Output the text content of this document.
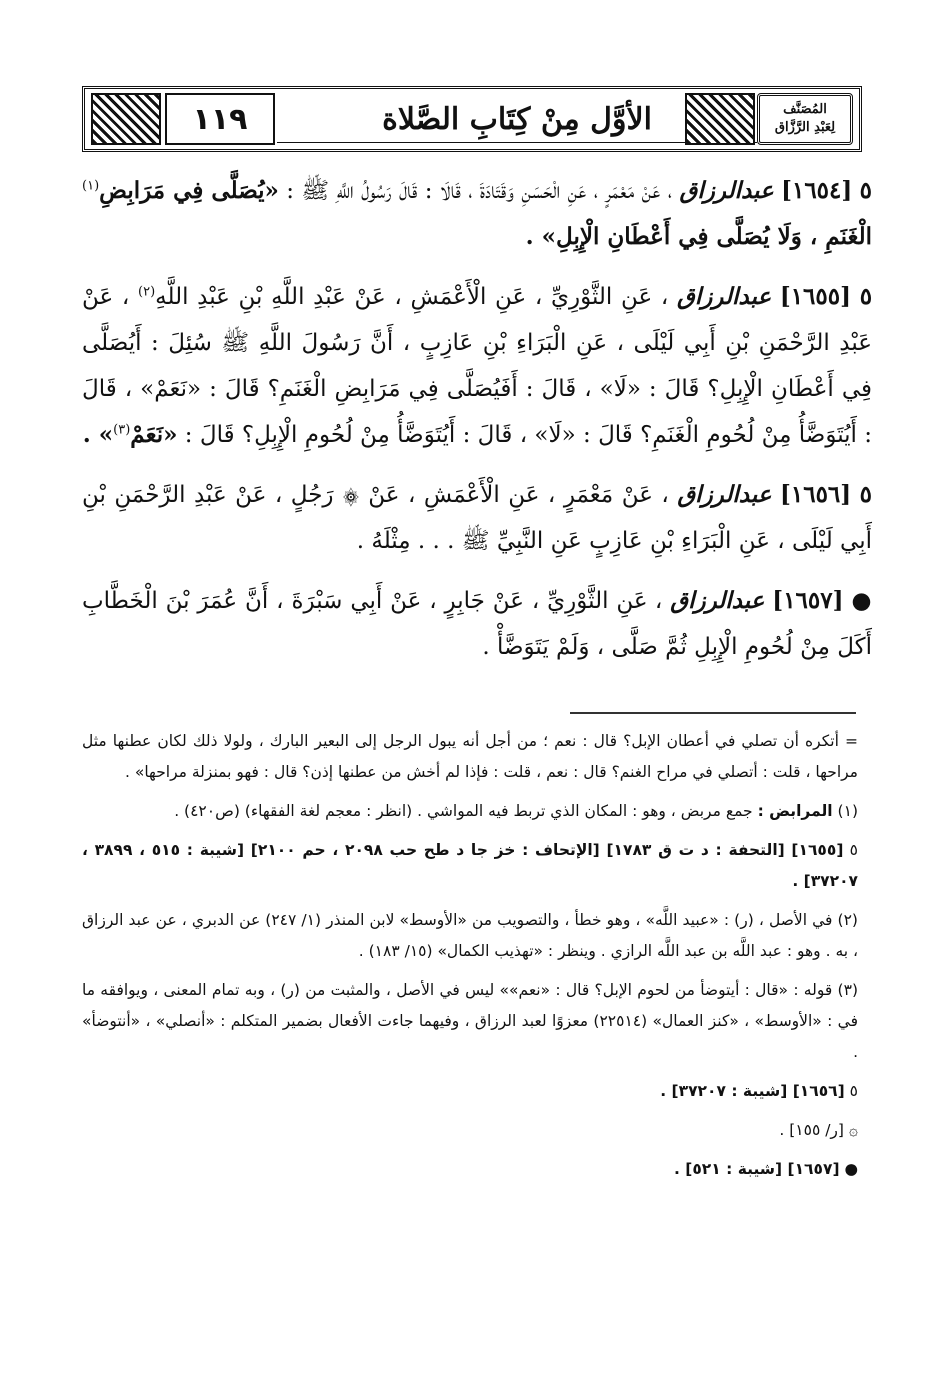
١١٩	الأوَّل مِنْ كِتَابِ الصَّلاة	المُصَنَّف
لِعَبْدِ الرَّزَّاق

٥ [١٦٥٤] عبدالرزاق ، عَنْ مَعْمَرٍ ، عَنِ الْحَسَنِ وَقَتَادَةَ ، قَالَا : قَالَ رَسُولُ اللَّهِ ﷺ : «يُصَلَّى فِي مَرَابِضِ$^{(١)}$ الْغَنَمِ ، وَلَا يُصَلَّى فِي أَعْطَانِ الْإِبِلِ» .

٥ [١٦٥٥] عبدالرزاق ، عَنِ الثَّوْرِيِّ ، عَنِ الْأَعْمَشِ ، عَنْ عَبْدِ اللَّهِ بْنِ عَبْدِ اللَّهِ$^{(٢)}$ ، عَنْ عَبْدِ الرَّحْمَنِ بْنِ أَبِي لَيْلَى ، عَنِ الْبَرَاءِ بْنِ عَازِبٍ ، أَنَّ رَسُولَ اللَّهِ ﷺ سُئِلَ : أَيُصَلَّى فِي أَعْطَانِ الْإِبِلِ؟ قَالَ : «لَا» ، قَالَ : أَفَيُصَلَّى فِي مَرَابِضِ الْغَنَمِ؟ قَالَ : «نَعَمْ» ، قَالَ : أَيُتَوَضَّأُ مِنْ لُحُومِ الْغَنَمِ؟ قَالَ : «لَا» ، قَالَ : أَيُتَوَضَّأُ مِنْ لُحُومِ الْإِبِلِ؟ قَالَ : «نَعَمْ$^{(٣)}$» .

٥ [١٦٥٦] عبدالرزاق ، عَنْ مَعْمَرٍ ، عَنِ الْأَعْمَشِ ، عَنْ ۞ رَجُلٍ ، عَنْ عَبْدِ الرَّحْمَنِ بْنِ أَبِي لَيْلَى ، عَنِ الْبَرَاءِ بْنِ عَازِبٍ عَنِ النَّبِيِّ ﷺ . . . مِثْلَهُ .

● [١٦٥٧] عبدالرزاق ، عَنِ الثَّوْرِيِّ ، عَنْ جَابِرٍ ، عَنْ أَبِي سَبْرَةَ ، أَنَّ عُمَرَ بْنَ الْخَطَّابِ أَكَلَ مِنْ لُحُومِ الْإِبِلِ ثُمَّ صَلَّى ، وَلَمْ يَتَوَضَّأْ .

= أتكره أن تصلي في أعطان الإبل؟ قال : نعم ؛ من أجل أنه يبول الرجل إلى البعير البارك ، ولولا ذلك لكان عطنها مثل مراحها ، قلت : أتصلي في مراح الغنم؟ قال : نعم ، قلت : فإذا لم أخش من عطنها إذن؟ قال : فهو بمنزلة مراحها» .

(١) المرابض : جمع مربض ، وهو : المكان الذي تربط فيه المواشي . (انظر : معجم لغة الفقهاء) (ص٤٢٠) .

٥ [١٦٥٥] [التحفة : د ت ق ١٧٨٣] [الإتحاف : خز جا د طح حب ٢٠٩٨ ، حم ٢١٠٠] [شيبة : ٥١٥ ، ٣٨٩٩ ، ٣٧٢٠٧] .

(٢) في الأصل ، (ر) : «عبيد اللَّه» ، وهو خطأ ، والتصويب من «الأوسط» لابن المنذر (١/ ٢٤٧) عن الدبري ، عن عبد الرزاق ، به . وهو : عبد اللَّه بن عبد اللَّه الرازي . وينظر : «تهذيب الكمال» (١٥/ ١٨٣) .

(٣) قوله : «قال : أيتوضأ من لحوم الإبل؟ قال : «نعم»» ليس في الأصل ، والمثبت من (ر) ، وبه تمام المعنى ، ويوافقه ما في : «الأوسط» ، «كنز العمال» (٢٢٥١٤) معزوًا لعبد الرزاق ، وفيهما جاءت الأفعال بضمير المتكلم : «أنصلي» ، «أنتوضأ» .

٥ [١٦٥٦] [شيبة : ٣٧٢٠٧] .

۞ [ر/ ١٥٥] .

● [١٦٥٧] [شيبة : ٥٢١] .
